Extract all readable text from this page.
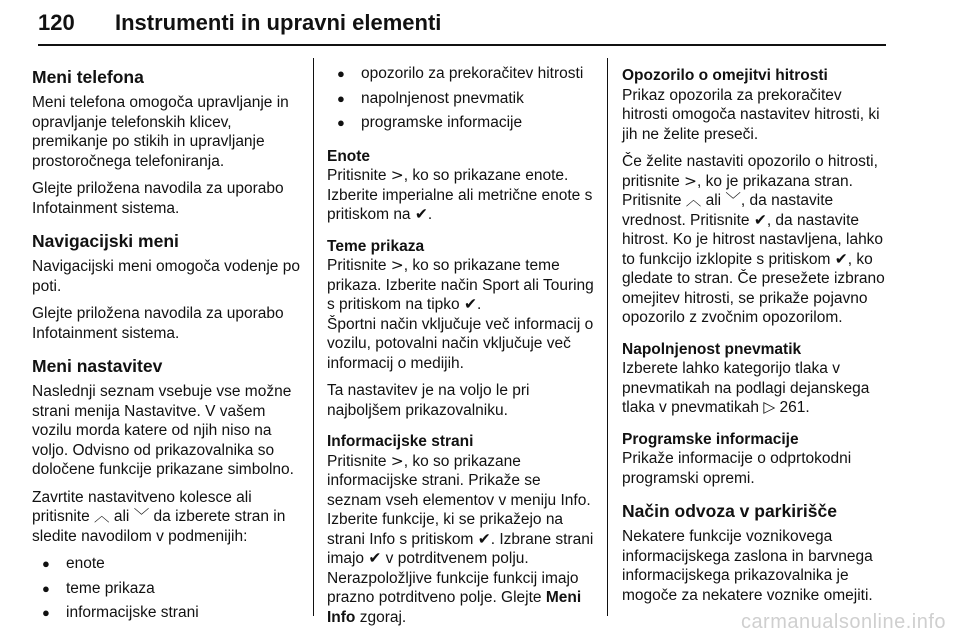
120 Instrumenti in upravni elementi
Meni telefona

Meni telefona omogoča upravljanje in opravljanje telefonskih klicev, premikanje po stikih in upravljanje prostoročnega telefoniranja.

Glejte priložena navodila za uporabo Infotainment sistema.

Navigacijski meni

Navigacijski meni omogoča vodenje po poti.

Glejte priložena navodila za uporabo Infotainment sistema.

Meni nastavitev

Naslednji seznam vsebuje vse možne strani menija Nastavitve. V vašem vozilu morda katere od njih niso na voljo. Odvisno od prikazovalnika so določene funkcije prikazane simbolno.

Zavrtite nastavitveno kolesce ali pritisnite ︿ ali ﹀ da izberete stran in sledite navodilom v podmenijih:

● enote
● teme prikaza
● informacijske strani
● opozorilo za prekoračitev hitrosti
● napolnjenost pnevmatik
● programske informacije
Enote

Pritisnite >, ko so prikazane enote. Izberite imperialne ali metrične enote s pritiskom na ✔.

Teme prikaza

Pritisnite >, ko so prikazane teme prikaza. Izberite način Sport ali Touring s pritiskom na tipko ✔.
Športni način vključuje več informacij o vozilu, potovalni način vključuje več informacij o medijih.

Ta nastavitev je na voljo le pri najboljšem prikazovalniku.

Informacijske strani

Pritisnite >, ko so prikazane informacijske strani. Prikaže se seznam vseh elementov v meniju Info. Izberite funkcije, ki se prikažejo na strani Info s pritiskom ✔. Izbrane strani imajo ✔ v potrditvenem polju. Nerazpoložljive funkcije funkcij imajo prazno potrditveno polje. Glejte Meni Info zgoraj.

Opozorilo o omejitvi hitrosti

Prikaz opozorila za prekoračitev hitrosti omogoča nastavitev hitrosti, ki jih ne želite preseči.

Če želite nastaviti opozorilo o hitrosti, pritisnite >, ko je prikazana stran. Pritisnite ︿ ali ﹀, da nastavite vrednost. Pritisnite ✔, da nastavite hitrost. Ko je hitrost nastavljena, lahko to funkcijo izklopite s pritiskom ✔, ko gledate to stran. Če presežete izbrano omejitev hitrosti, se prikaže pojavno opozorilo z zvočnim opozorilom.

Napolnjenost pnevmatik

Izberete lahko kategorijo tlaka v pnevmatikah na podlagi dejanskega tlaka v pnevmatikah ▷ 261.

Programske informacije

Prikaže informacije o odprtokodni programski opremi.

Način odvoza v parkirišče

Nekatere funkcije voznikovega informacijskega zaslona in barvnega informacijskega prikazovalnika je mogoče za nekatere voznike omejiti.

carmanualsonline.info
